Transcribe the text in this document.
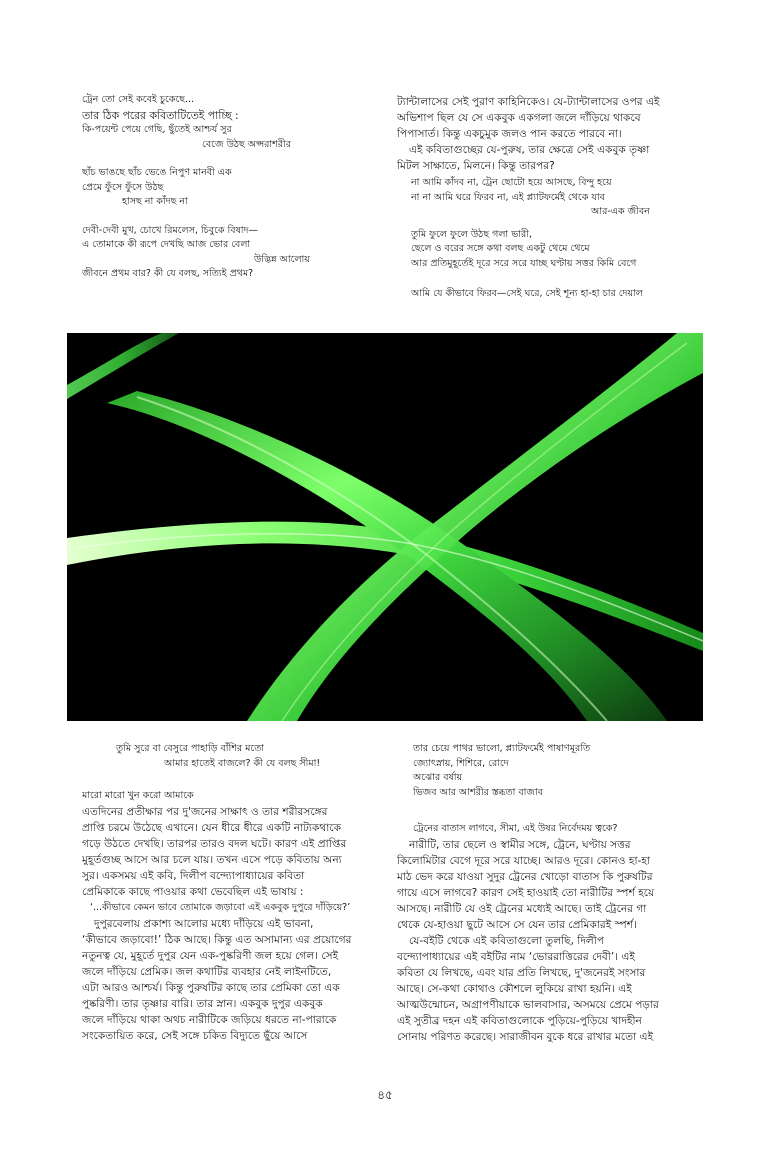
ট্রেন তো সেই কবেই চুকেছে...
তার ঠিক পরের কবিতাটিতেই পাচ্ছি :
কি-পয়েন্ট পেয়ে গেছি, ছুঁতেই আশ্চর্য সুর
বেজে উঠছ অপ্সরাশরীর
ছাঁচ ভাঙছে ছাঁচ ভেঙে নিপুণ মানবী এক
প্রেমে ফুঁসে ফুঁসে উঠছ
হাসছ না কাঁদছ না
দেবী-দেবী মুখ, চোখে রিমলেস, চিবুকে বিষাদ—
এ তোমাকে কী রূপে দেখছি আজ ভোর বেলা
উদ্ভিন্ন আলোয়
জীবনে প্রথম বার? কী যে বলছ, সত্যিই প্রথম?
ট্যান্টালাসের সেই পুরাণ কাহিনিকেও। যে-ট্যান্টালাসের ওপর এই
অভিশাপ ছিল যে সে একবুক একগলা জলে দাঁড়িয়ে থাকবে
পিপাসার্ত। কিন্তু একচুমুক জলও পান করতে পারবে না।
এই কবিতাগুচ্ছের যে-পুরুষ, তার ক্ষেত্রে সেই একবুক তৃষ্ণা
মিটল সাক্ষাতে, মিলনে। কিন্তু তারপর?
না আমি কাঁদব না, ট্রেন ছোটো হয়ে আসছে, বিন্দু হয়ে
না না আমি ঘরে ফিরব না, এই প্ল্যাটফর্মেই থেকে যাব
আর-এক জীবন
তুমি ফুলে ফুলে উঠছ গলা ভারী,
ছেলে ও বরের সঙ্গে কথা বলছ একটু থেমে থেমে
আর প্রতিমুহূর্তেই দূরে সরে সরে যাচ্ছ ঘণ্টায় সত্তর কিমি বেগে
আমি যে কীভাবে ফিরব—সেই ঘরে, সেই শূন্য হা-হা চার দেয়াল
তুমি সুরে বা বেসুরে পাহাড়ি বাঁশির মতো
আমার হাতেই বাজলে? কী যে বলছ সীমা!
মারো মারো খুন করো আমাকে
এতদিনের প্রতীক্ষার পর দু'জনের সাক্ষাৎ ও তার শরীরসঙ্গের
প্রাপ্তি চরমে উঠেছে এখানে। যেন ধীরে ধীরে একটি নাট্যকথাকে
গড়ে উঠতে দেখছি। তারপর তারও বদল ঘটে। কারণ এই প্রাপ্তির
মুহূর্তগুচ্ছ আসে আর চলে যায়। তখন এসে পড়ে কবিতায় অন্য
সুর। একসময় এই কবি, দিলীপ বন্দ্যোপাধ্যায়ের কবিতা
প্রেমিকাকে কাছে পাওয়ার কথা ভেবেছিল এই ভাষায় :
‘...কীভাবে কেমন ভাবে তোমাকে জড়াবো এই একবুক দুপুরে দাঁড়িয়ে?’
দুপুরবেলায় প্রকাশ্য আলোর মধ্যে দাঁড়িয়ে এই ভাবনা,
‘কীভাবে জড়াবো!’ ঠিক আছে। কিন্তু এত অসামান্য এর প্রয়োগের
নতুনত্ব যে, মুহূর্তে দুপুর যেন এক-পুষ্করিণী জল হয়ে গেল। সেই
জলে দাঁড়িয়ে প্রেমিক। জল কথাটির ব্যবহার নেই লাইনটিতে,
এটা আরও আশ্চর্য। কিন্তু পুরুষটির কাছে তার প্রেমিকা তো এক
পুষ্করিণী। তার তৃষ্ণার বারি। তার স্নান। একবুক দুপুর একবুক
জলে দাঁড়িয়ে থাকা অথচ নারীটিকে জড়িয়ে ধরতে না-পারাকে
সংকেতায়িত করে, সেই সঙ্গে চকিত বিদ্যুতে ছুঁয়ে আসে
তার চেয়ে পাথর ভালো, প্ল্যাটফর্মেই পাষাণমূরতি
জ্যোৎস্নায়, শিশিরে, রোদে
অঝোর বর্ষায়
ভিজব আর আশরীর স্তব্ধতা বাজাব
ট্রেনের বাতাস লাগবে, সীমা, এই উষর নির্বেদময় ত্বকে?
নারীটি, তার ছেলে ও স্বামীর সঙ্গে, ট্রেনে, ঘণ্টায় সত্তর
কিলোমিটার বেগে দূরে সরে যাচ্ছে। আরও দূরে। কোনও হা-হা
মাঠ ভেদ করে যাওয়া সুদুর ট্রেনের খোড়ো বাতাস কি পুরুষটির
গায়ে এসে লাগবে? কারণ সেই হাওয়াই তো নারীটির স্পর্শ হয়ে
আসছে। নারীটি যে ওই ট্রেনের মধ্যেই আছে। তাই ট্রেনের গা
থেকে যে-হাওয়া ছুটে আসে সে যেন তার প্রেমিকারই স্পর্শ।
যে-বইটি থেকে এই কবিতাগুলো তুলছি, দিলীপ
বন্দ্যোপাধ্যায়ের এই বইটির নাম ‘ভোররাত্তিরের দেবী’। এই
কবিতা যে লিখছে, এবং যার প্রতি লিখছে, দু'জনেরই সংসার
আছে। সে-কথা কোথাও কৌশলে লুকিয়ে রাখা হয়নি। এই
আত্মউন্মোচন, অগ্রাপণীয়াকে ভালবাসার, অসময়ে প্রেমে পড়ার
এই সুতীব্র দহন এই কবিতাগুলোকে পুড়িয়ে-পুড়িয়ে খাদহীন
সোনায় পরিণত করেছে। সারাজীবন বুকে ধরে রাখার মতো এই
৪৫
